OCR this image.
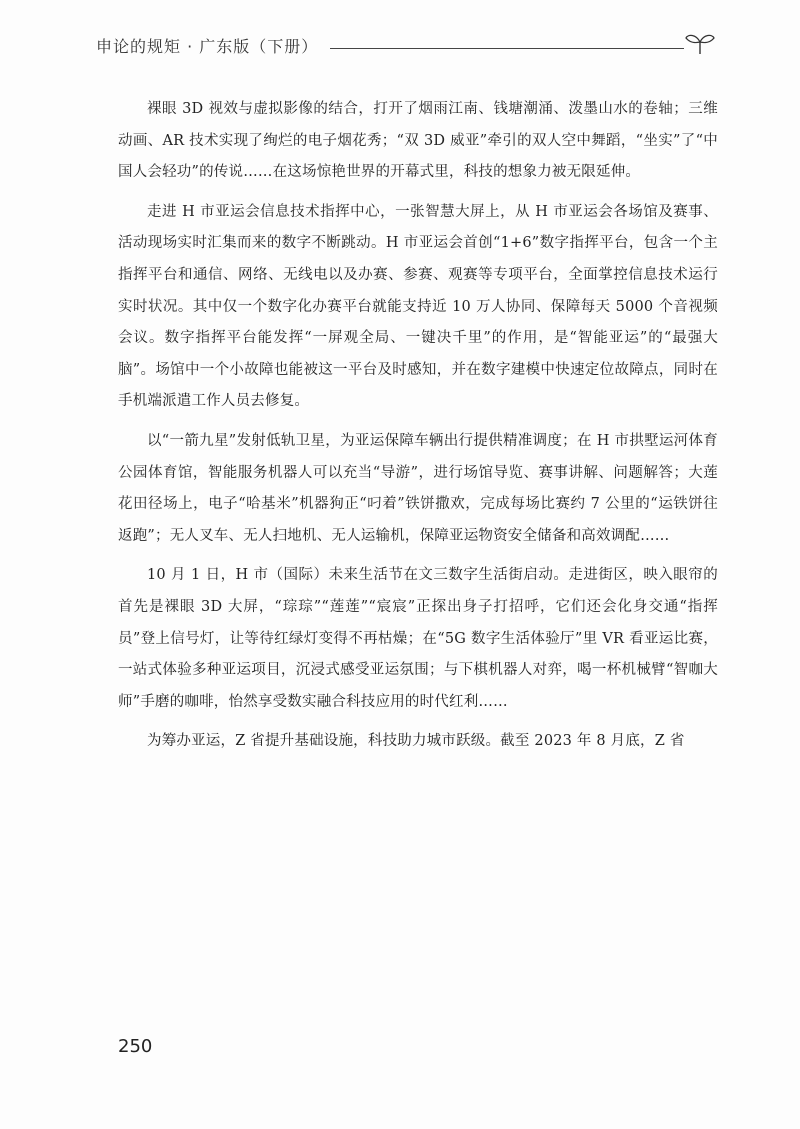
申论的规矩 · 广东版（下册）

裸眼 3D 视效与虚拟影像的结合，打开了烟雨江南、钱塘潮涌、泼墨山水的卷轴；三维动画、AR 技术实现了绚烂的电子烟花秀；“双 3D 威亚”牵引的双人空中舞蹈，“坐实”了“中国人会轻功”的传说……在这场惊艳世界的开幕式里，科技的想象力被无限延伸。

走进 H 市亚运会信息技术指挥中心，一张智慧大屏上，从 H 市亚运会各场馆及赛事、活动现场实时汇集而来的数字不断跳动。H 市亚运会首创“1+6”数字指挥平台，包含一个主指挥平台和通信、网络、无线电以及办赛、参赛、观赛等专项平台，全面掌控信息技术运行实时状况。其中仅一个数字化办赛平台就能支持近 10 万人协同、保障每天 5000 个音视频会议。数字指挥平台能发挥“一屏观全局、一键决千里”的作用，是“智能亚运”的“最强大脑”。场馆中一个小故障也能被这一平台及时感知，并在数字建模中快速定位故障点，同时在手机端派遣工作人员去修复。

以“一箭九星”发射低轨卫星，为亚运保障车辆出行提供精准调度；在 H 市拱墅运河体育公园体育馆，智能服务机器人可以充当“导游”，进行场馆导览、赛事讲解、问题解答；大莲花田径场上，电子“哈基米”机器狗正“叼着”铁饼撒欢，完成每场比赛约 7 公里的“运铁饼往返跑”；无人叉车、无人扫地机、无人运输机，保障亚运物资安全储备和高效调配……

10 月 1 日，H 市（国际）未来生活节在文三数字生活街启动。走进街区，映入眼帘的首先是裸眼 3D 大屏，“琮琮”“莲莲”“宸宸”正探出身子打招呼，它们还会化身交通“指挥员”登上信号灯，让等待红绿灯变得不再枯燥；在“5G 数字生活体验厅”里 VR 看亚运比赛，一站式体验多种亚运项目，沉浸式感受亚运氛围；与下棋机器人对弈，喝一杯机械臂“智咖大师”手磨的咖啡，怡然享受数实融合科技应用的时代红利……

为筹办亚运，Z 省提升基础设施，科技助力城市跃级。截至 2023 年 8 月底，Z 省

250
